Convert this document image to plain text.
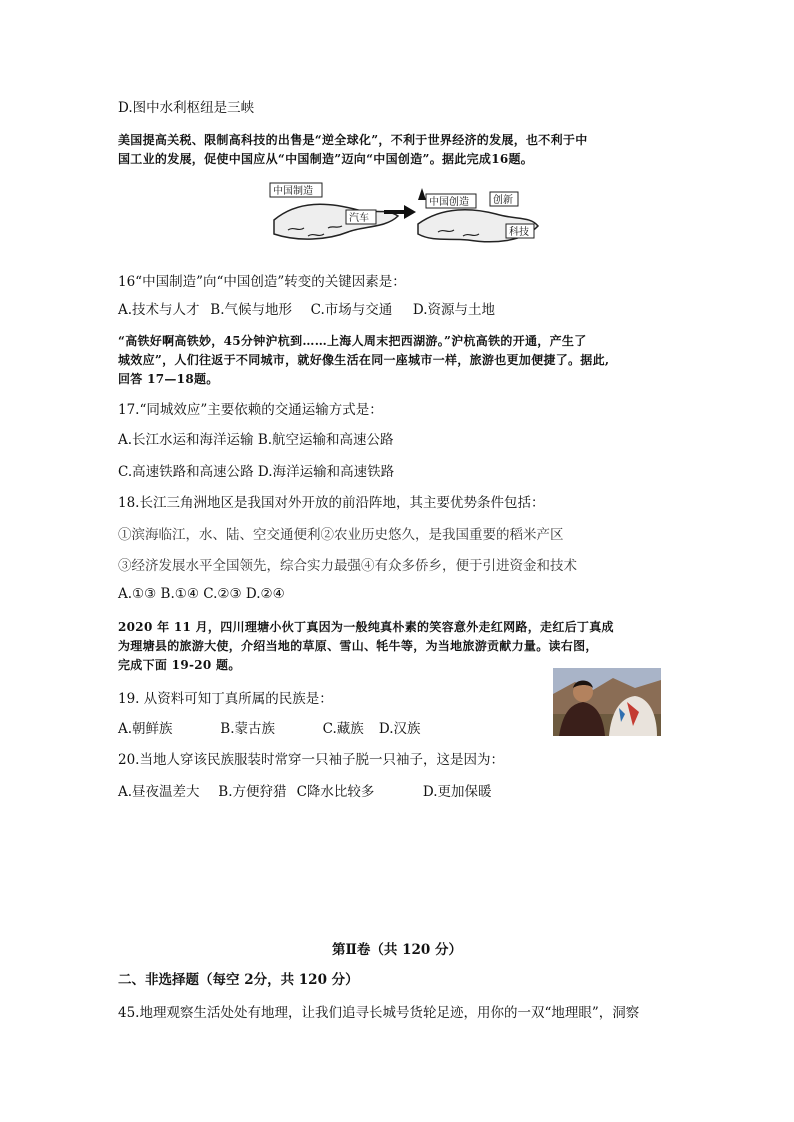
D.图中水利枢纽是三峡
美国提高关税、限制高科技的出售是“逆全球化”，不利于世界经济的发展，也不利于中
国工业的发展，促使中国应从“中国制造”迈向“中国创造”。据此完成16题。
中国制造
汽车
中国创造 创新
科技
16“中国制造”向“中国创造”转变的关键因素是：
A.技术与人才 B.气候与地形 C.市场与交通 D.资源与土地
“高铁好啊高铁妙，45分钟沪杭到……上海人周末把西湖游。”沪杭高铁的开通，产生了
城效应”，人们往返于不同城市，就好像生活在同一座城市一样，旅游也更加便捷了。据此,
回答 17—18题。
17.“同城效应”主要依赖的交通运输方式是：
A.长江水运和海洋运输 B.航空运输和高速公路
C.高速铁路和高速公路 D.海洋运输和高速铁路
18.长江三角洲地区是我国对外开放的前沿阵地，其主要优势条件包括：
①滨海临江，水、陆、空交通便利②农业历史悠久，是我国重要的稻米产区
③经济发展水平全国领先，综合实力最强④有众多侨乡，便于引进资金和技术
A.①③ B.①④ C.②③ D.②④
2020 年 11 月，四川理塘小伙丁真因为一般纯真朴素的笑容意外走红网路，走红后丁真成
为理塘县的旅游大使，介绍当地的草原、雪山、牦牛等，为当地旅游贡献力量。读右图，
完成下面 19-20 题。
19. 从资料可知丁真所属的民族是：
A.朝鲜族	B.蒙古族	C.藏族 D.汉族
20.当地人穿该民族服装时常穿一只袖子脱一只袖子，这是因为：
A.昼夜温差大 B.方便狩猎 C降水比较多	D.更加保暖
第Ⅱ卷（共 120 分）
二、非选择题（每空 2分，共 120 分）
45.地理观察生活处处有地理，让我们追寻长城号货轮足迹，用你的一双“地理眼”，洞察
